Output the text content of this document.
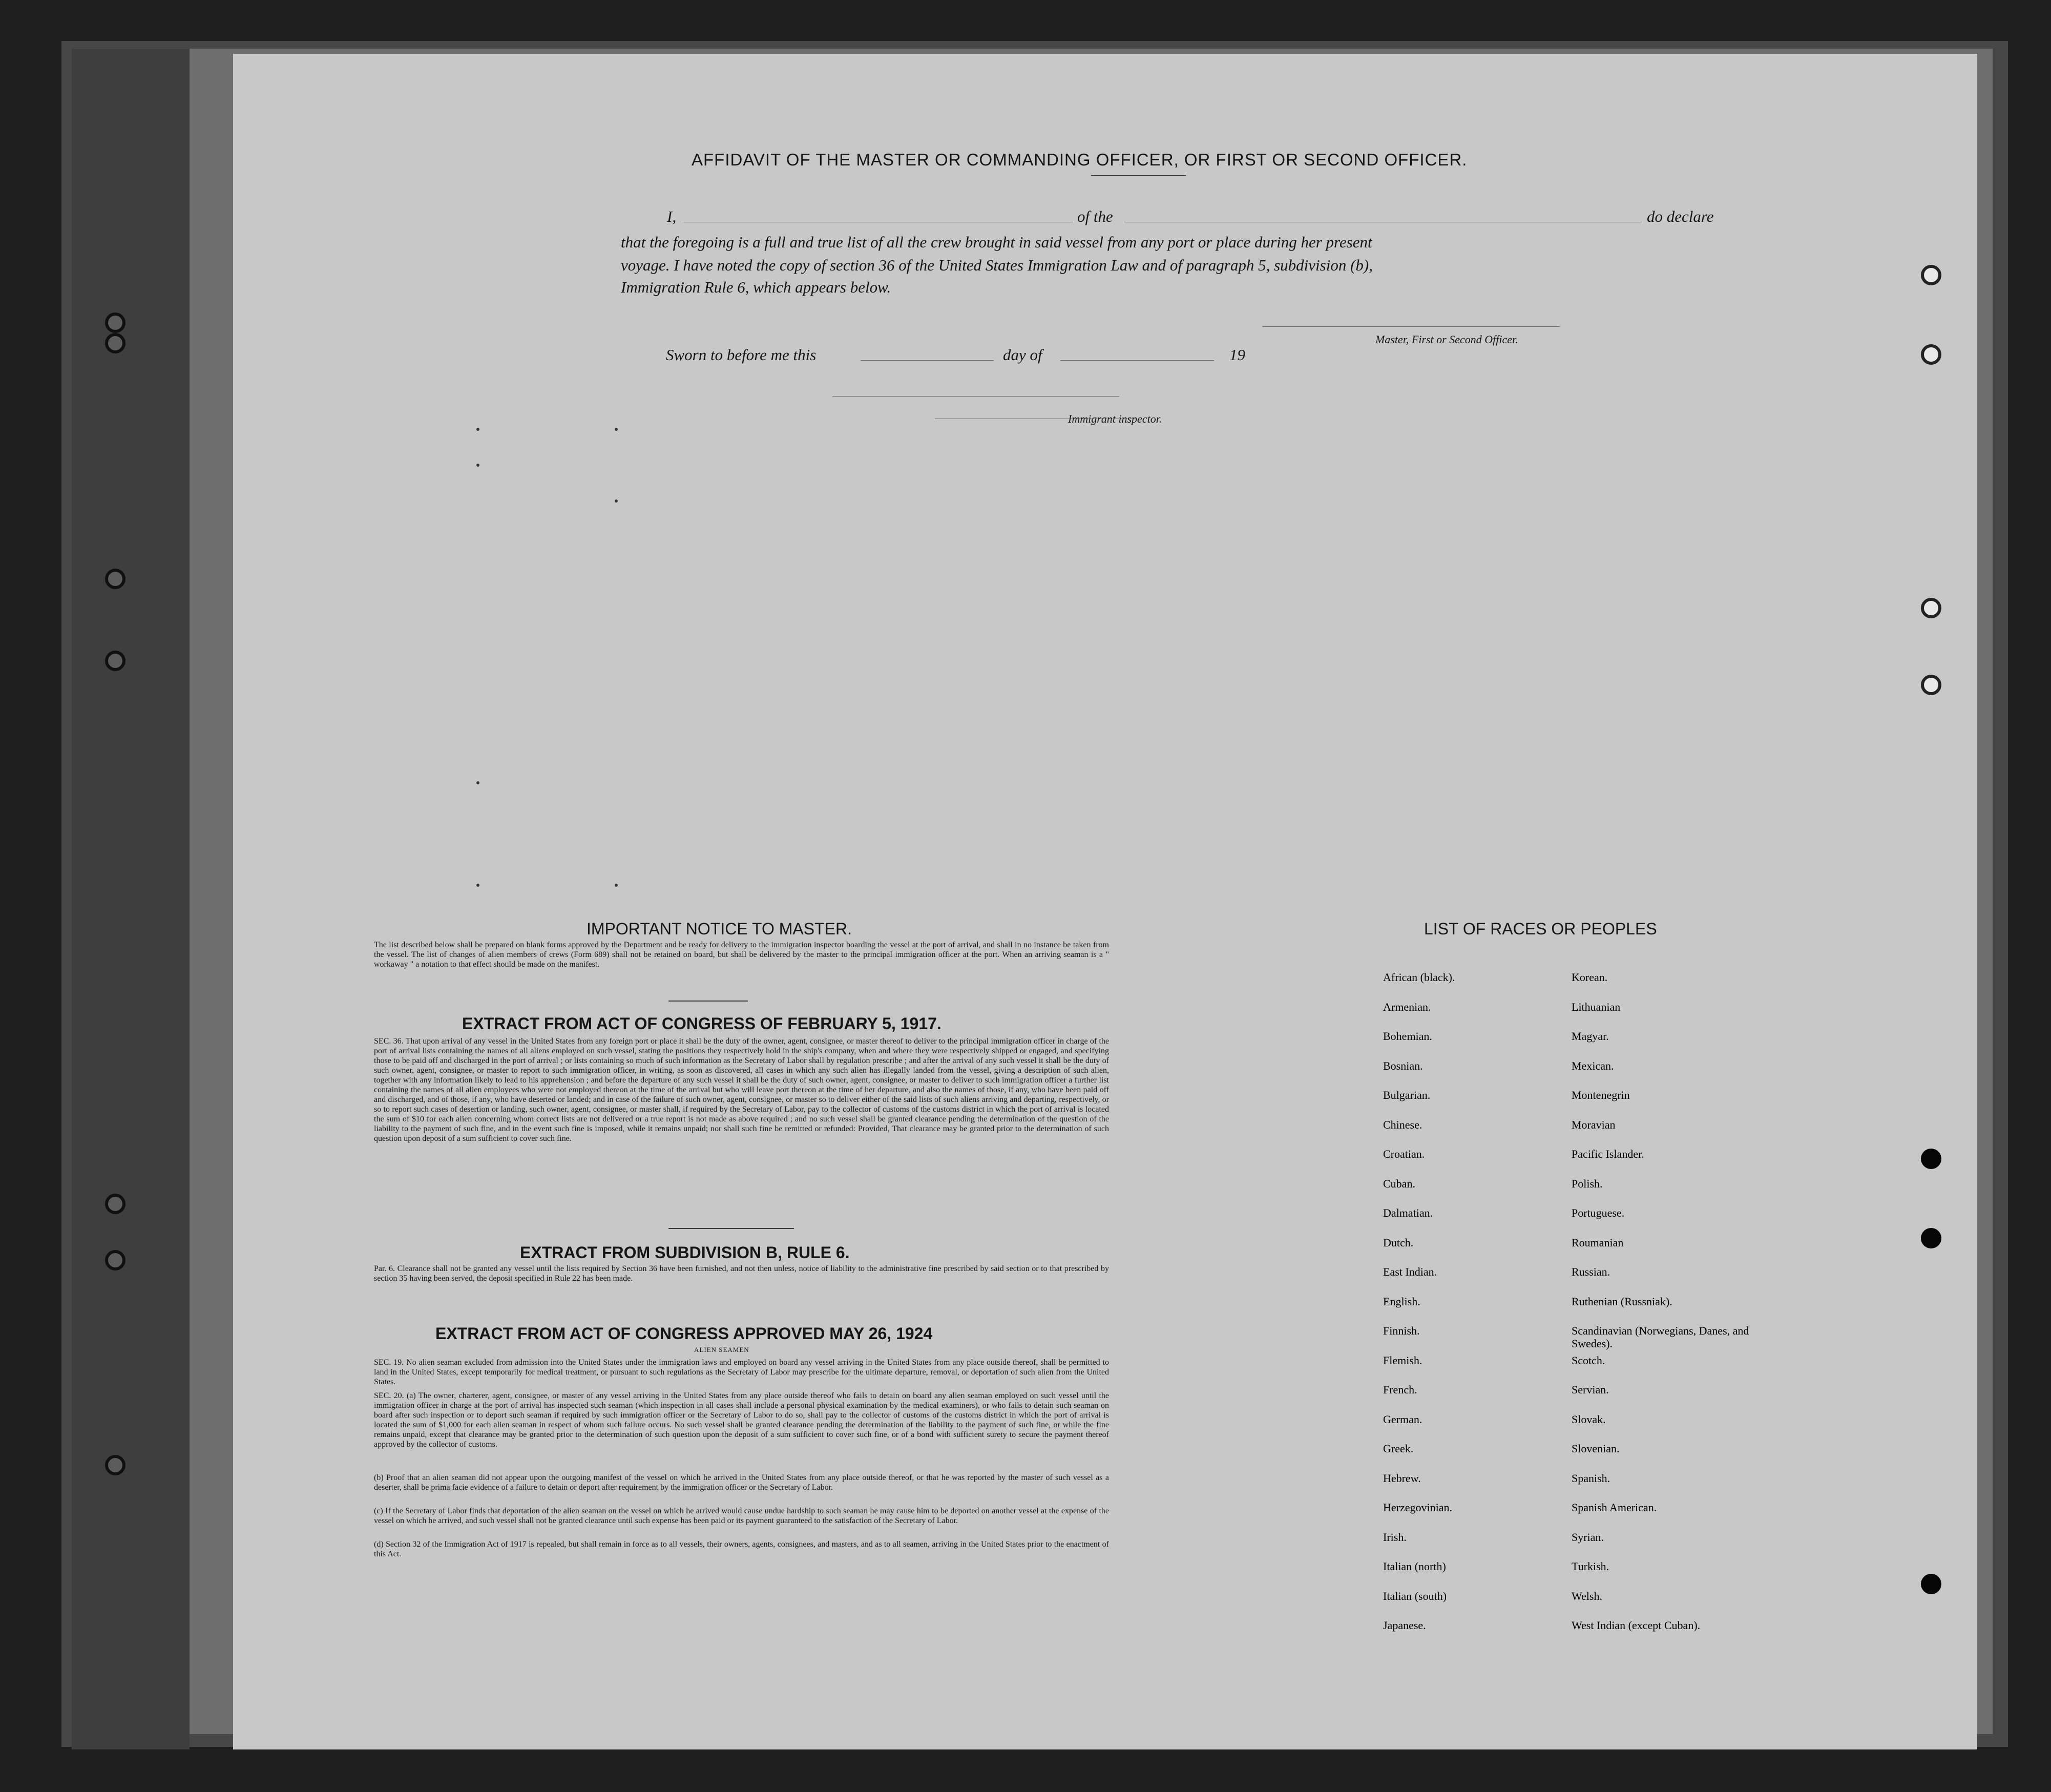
AFFIDAVIT OF THE MASTER OR COMMANDING OFFICER, OR FIRST OR SECOND OFFICER.
I,	of the	do declare
that the foregoing is a full and true list of all the crew brought in said vessel from any port or place during her present
voyage. I have noted the copy of section 36 of the United States Immigration Law and of paragraph 5, subdivision (b),
Immigration Rule 6, which appears below.
Master, First or Second Officer.
Sworn to before me this	day of	19
Immigrant inspector.
IMPORTANT NOTICE TO MASTER.
The list described below shall be prepared on blank forms approved by the Department and be ready for delivery to the immigration inspector boarding the vessel at the port of arrival, and shall in no instance be taken from the vessel. The list of changes of alien members of crews (Form 689) shall not be retained on board, but shall be delivered by the master to the principal immigration officer at the port. When an arriving seaman is a " workaway " a notation to that effect should be made on the manifest.
EXTRACT FROM ACT OF CONGRESS OF FEBRUARY 5, 1917.
SEC. 36. That upon arrival of any vessel in the United States from any foreign port or place it shall be the duty of the owner, agent, consignee, or master thereof to deliver to the principal immigration officer in charge of the port of arrival lists containing the names of all aliens employed on such vessel, stating the positions they respectively hold in the ship's company, when and where they were respectively shipped or engaged, and specifying those to be paid off and discharged in the port of arrival ; or lists containing so much of such information as the Secretary of Labor shall by regulation prescribe ; and after the arrival of any such vessel it shall be the duty of such owner, agent, consignee, or master to report to such immigration officer, in writing, as soon as discovered, all cases in which any such alien has illegally landed from the vessel, giving a description of such alien, together with any information likely to lead to his apprehension ; and before the departure of any such vessel it shall be the duty of such owner, agent, consignee, or master to deliver to such immigration officer a further list containing the names of all alien employees who were not employed thereon at the time of the arrival but who will leave port thereon at the time of her departure, and also the names of those, if any, who have been paid off and discharged, and of those, if any, who have deserted or landed; and in case of the failure of such owner, agent, consignee, or master so to deliver either of the said lists of such aliens arriving and departing, respectively, or so to report such cases of desertion or landing, such owner, agent, consignee, or master shall, if required by the Secretary of Labor, pay to the collector of customs of the customs district in which the port of arrival is located the sum of $10 for each alien concerning whom correct lists are not delivered or a true report is not made as above required ; and no such vessel shall be granted clearance pending the determination of the question of the liability to the payment of such fine, and in the event such fine is imposed, while it remains unpaid; nor shall such fine be remitted or refunded: Provided, That clearance may be granted prior to the determination of such question upon deposit of a sum sufficient to cover such fine.
EXTRACT FROM SUBDIVISION B, RULE 6.
Par. 6. Clearance shall not be granted any vessel until the lists required by Section 36 have been furnished, and not then unless, notice of liability to the administrative fine prescribed by said section or to that prescribed by section 35 having been served, the deposit specified in Rule 22 has been made.
EXTRACT FROM ACT OF CONGRESS APPROVED MAY 26, 1924
ALIEN SEAMEN
SEC. 19. No alien seaman excluded from admission into the United States under the immigration laws and employed on board any vessel arriving in the United States from any place outside thereof, shall be permitted to land in the United States, except temporarily for medical treatment, or pursuant to such regulations as the Secretary of Labor may prescribe for the ultimate departure, removal, or deportation of such alien from the United States.
SEC. 20. (a) The owner, charterer, agent, consignee, or master of any vessel arriving in the United States from any place outside thereof who fails to detain on board any alien seaman employed on such vessel until the immigration officer in charge at the port of arrival has inspected such seaman (which inspection in all cases shall include a personal physical examination by the medical examiners), or who fails to detain such seaman on board after such inspection or to deport such seaman if required by such immigration officer or the Secretary of Labor to do so, shall pay to the collector of customs of the customs district in which the port of arrival is located the sum of $1,000 for each alien seaman in respect of whom such failure occurs. No such vessel shall be granted clearance pending the determination of the liability to the payment of such fine, or while the fine remains unpaid, except that clearance may be granted prior to the determination of such question upon the deposit of a sum sufficient to cover such fine, or of a bond with sufficient surety to secure the payment thereof approved by the collector of customs.
(b) Proof that an alien seaman did not appear upon the outgoing manifest of the vessel on which he arrived in the United States from any place outside thereof, or that he was reported by the master of such vessel as a deserter, shall be prima facie evidence of a failure to detain or deport after requirement by the immigration officer or the Secretary of Labor.
(c) If the Secretary of Labor finds that deportation of the alien seaman on the vessel on which he arrived would cause undue hardship to such seaman he may cause him to be deported on another vessel at the expense of the vessel on which he arrived, and such vessel shall not be granted clearance until such expense has been paid or its payment guaranteed to the satisfaction of the Secretary of Labor.
(d) Section 32 of the Immigration Act of 1917 is repealed, but shall remain in force as to all vessels, their owners, agents, consignees, and masters, and as to all seamen, arriving in the United States prior to the enactment of this Act.
LIST OF RACES OR PEOPLES
African (black).
Armenian.
Bohemian.
Bosnian.
Bulgarian.
Chinese.
Croatian.
Cuban.
Dalmatian.
Dutch.
East Indian.
English.
Finnish.
Flemish.
French.
German.
Greek.
Hebrew.
Herzegovinian.
Irish.
Italian (north)
Italian (south)
Japanese.
Korean.
Lithuanian
Magyar.
Mexican.
Montenegrin
Moravian
Pacific Islander.
Polish.
Portuguese.
Roumanian
Russian.
Ruthenian (Russniak).
Scandinavian (Norwegians, Danes, and Swedes).
Scotch.
Servian.
Slovak.
Slovenian.
Spanish.
Spanish American.
Syrian.
Turkish.
Welsh.
West Indian (except Cuban).
